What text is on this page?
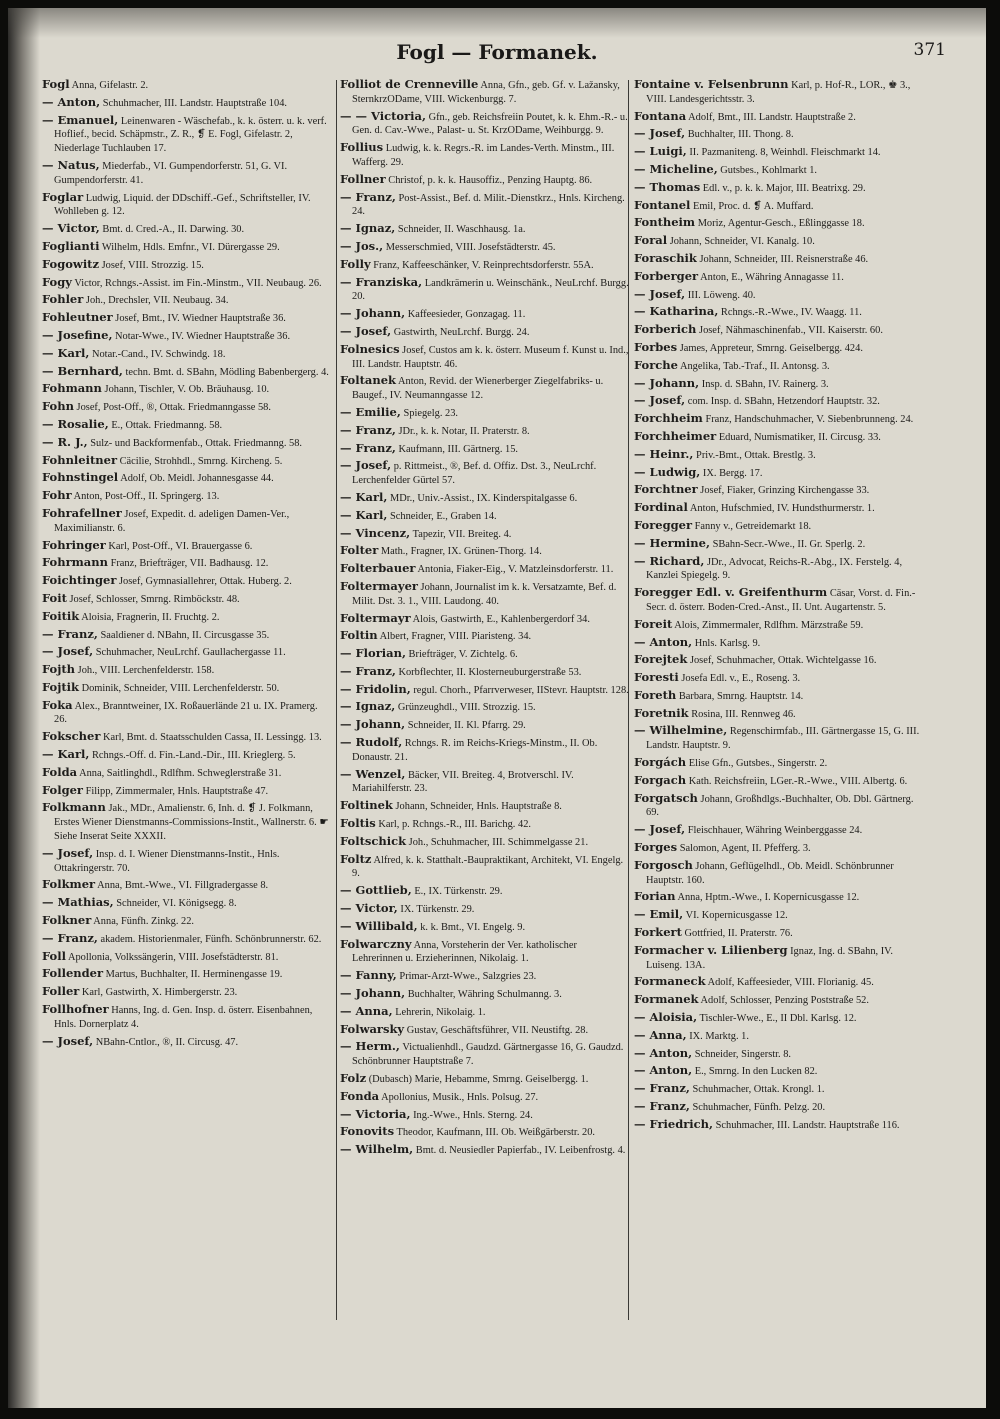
Fogl — Formanek.	371
Fogl Anna, Gifelastr. 2.
— Anton, Schuhmacher, III. Landstr. Hauptstraße 104.
— Emanuel, Leinenwaren - Wäschefab., k. k. österr. u. k. verf. Hoflief., becid. Schäpmstr., Z. R., ❡ E. Fogl, Gifelastr. 2, Niederlage Tuchlauben 17.
— Natus, Miederfab., VI. Gumpendorferstr. 51, G. VI. Gumpendorferstr. 41.
Foglar Ludwig, Liquid. der DDschiff.-Gef., Schriftsteller, IV. Wohlleben g. 12.
— Victor, Bmt. d. Cred.-A., II. Darwing. 30.
Foglianti Wilhelm, Hdls. Emfnr., VI. Dürergasse 29.
Fogowitz Josef, VIII. Strozzig. 15.
Fogy Victor, Rchngs.-Assist. im Fin.-Minstm., VII. Neubaug. 26.
Fohler Joh., Drechsler, VII. Neubaug. 34.
Fohleutner Josef, Bmt., IV. Wiedner Hauptstraße 36.
— Josefine, Notar-Wwe., IV. Wiedner Hauptstraße 36.
— Karl, Notar.-Cand., IV. Schwindg. 18.
— Bernhard, techn. Bmt. d. SBahn, Mödling Babenbergerg. 4.
Fohmann Johann, Tischler, V. Ob. Bräuhausg. 10.
Fohn Josef, Post-Off., ®, Ottak. Friedmanngasse 58.
— Rosalie, E., Ottak. Friedmanng. 58.
— R. J., Sulz- und Backformenfab., Ottak. Friedmanng. 58.
Fohnleitner Cäcilie, Strohhdl., Smrng. Kircheng. 5.
Fohnstingel Adolf, Ob. Meidl. Johannesgasse 44.
Fohr Anton, Post-Off., II. Springerg. 13.
Fohrafellner Josef, Expedit. d. adeligen Damen-Ver., Maximilianstr. 6.
Fohringer Karl, Post-Off., VI. Brauergasse 6.
Fohrmann Franz, Briefträger, VII. Badhausg. 12.
Foichtinger Josef, Gymnasiallehrer, Ottak. Huberg. 2.
Foit Josef, Schlosser, Smrng. Rimböckstr. 48.
Foitik Aloisia, Fragnerin, II. Fruchtg. 2.
— Franz, Saaldiener d. NBahn, II. Circusgasse 35.
— Josef, Schuhmacher, NeuLrchf. Gaullachergasse 11.
Fojth Joh., VIII. Lerchenfelderstr. 158.
Fojtik Dominik, Schneider, VIII. Lerchenfelderstr. 50.
Foka Alex., Branntweiner, IX. Roßauerlände 21 u. IX. Pramerg. 26.
Fokscher Karl, Bmt. d. Staatsschulden Cassa, II. Lessingg. 13.
— Karl, Rchngs.-Off. d. Fin.-Land.-Dir., III. Krieglerg. 5.
Folda Anna, Saitlinghdl., Rdlfhm. Schweglerstraße 31.
Folger Filipp, Zimmermaler, Hnls. Hauptstraße 47.
Folkmann Jak., MDr., Amalienstr. 6, Inh. d. ❡ J. Folkmann, Erstes Wiener Dienstmanns-Commissions-Instit., Wallnerstr. 6. ☛ Siehe Inserat Seite XXXII.
— Josef, Insp. d. I. Wiener Dienstmanns-Instit., Hnls. Ottakringerstr. 70.
Folkmer Anna, Bmt.-Wwe., VI. Fillgradergasse 8.
— Mathias, Schneider, VI. Königsegg. 8.
Folkner Anna, Fünfh. Zinkg. 22.
— Franz, akadem. Historienmaler, Fünfh. Schönbrunnerstr. 62.
Foll Apollonia, Volkssängerin, VIII. Josefstädterstr. 81.
Follender Martus, Buchhalter, II. Herminengasse 19.
Foller Karl, Gastwirth, X. Himbergerstr. 23.
Follhofner Hanns, Ing. d. Gen. Insp. d. österr. Eisenbahnen, Hnls. Dornerplatz 4.
— Josef, NBahn-Cntlor., ®, II. Circusg. 47.
Folliot de Crenneville Anna, Gfn., geb. Gf. v. Lažansky, SternkrzODame, VIII. Wickenburgg. 7.
— — Victoria, Gfn., geb. Reichsfreiin Poutet, k. k. Ehm.-R.- u. Gen. d. Cav.-Wwe., Palast- u. St. KrzODame, Weihburgg. 9.
Follius Ludwig, k. k. Regrs.-R. im Landes-Verth. Minstm., III. Wafferg. 29.
Follner Christof, p. k. k. Hausoffiz., Penzing Hauptg. 86.
— Franz, Post-Assist., Bef. d. Milit.-Dienstkrz., Hnls. Kircheng. 24.
— Ignaz, Schneider, II. Waschhausg. 1a.
— Jos., Messerschmied, VIII. Josefstädterstr. 45.
Folly Franz, Kaffeeschänker, V. Reinprechtsdorferstr. 55A.
— Franziska, Landkrämerin u. Weinschänk., NeuLrchf. Burgg. 20.
— Johann, Kaffeesieder, Gonzagag. 11.
— Josef, Gastwirth, NeuLrchf. Burgg. 24.
Folnesics Josef, Custos am k. k. österr. Museum f. Kunst u. Ind., III. Landstr. Hauptstr. 46.
Foltanek Anton, Revid. der Wienerberger Ziegelfabriks- u. Baugef., IV. Neumanngasse 12.
— Emilie, Spiegelg. 23.
— Franz, JDr., k. k. Notar, II. Praterstr. 8.
— Franz, Kaufmann, III. Gärtnerg. 15.
— Josef, p. Rittmeist., ®, Bef. d. Offiz. Dst. 3., NeuLrchf. Lerchenfelder Gürtel 57.
— Karl, MDr., Univ.-Assist., IX. Kinderspitalgasse 6.
— Karl, Schneider, E., Graben 14.
— Vincenz, Tapezir, VII. Breiteg. 4.
Folter Math., Fragner, IX. Grünen-Thorg. 14.
Folterbauer Antonia, Fiaker-Eig., V. Matzleinsdorferstr. 11.
Foltermayer Johann, Journalist im k. k. Versatzamte, Bef. d. Milit. Dst. 3. 1., VIII. Laudong. 40.
Foltermayr Alois, Gastwirth, E., Kahlenbergerdorf 34.
Foltin Albert, Fragner, VIII. Piaristeng. 34.
— Florian, Briefträger, V. Zichtelg. 6.
— Franz, Korbflechter, II. Klosterneuburgerstraße 53.
— Fridolin, regul. Chorh., Pfarrverweser, IIStevr. Hauptstr. 128.
— Ignaz, Grünzeughdl., VIII. Strozzig. 15.
— Johann, Schneider, II. Kl. Pfarrg. 29.
— Rudolf, Rchngs. R. im Reichs-Kriegs-Minstm., II. Ob. Donaustr. 21.
— Wenzel, Bäcker, VII. Breiteg. 4, Brotverschl. IV. Mariahilferstr. 23.
Foltinek Johann, Schneider, Hnls. Hauptstraße 8.
Foltis Karl, p. Rchngs.-R., III. Barichg. 42.
Foltschick Joh., Schuhmacher, III. Schimmelgasse 21.
Foltz Alfred, k. k. Statthalt.-Baupraktikant, Architekt, VI. Engelg. 9.
— Gottlieb, E., IX. Türkenstr. 29.
— Victor, IX. Türkenstr. 29.
— Willibald, k. k. Bmt., VI. Engelg. 9.
Folwarczny Anna, Vorsteherin der Ver. katholischer Lehrerinnen u. Erzieherinnen, Nikolaig. 1.
— Fanny, Primar-Arzt-Wwe., Salzgries 23.
— Johann, Buchhalter, Währing Schulmanng. 3.
— Anna, Lehrerin, Nikolaig. 1.
Folwarsky Gustav, Geschäftsführer, VII. Neustiftg. 28.
— Herm., Victualienhdl., Gaudzd. Gärtnergasse 16, G. Gaudzd. Schönbrunner Hauptstraße 7.
Folz (Dubasch) Marie, Hebamme, Smrng. Geiselbergg. 1.
Fonda Apollonius, Musik., Hnls. Polsug. 27.
— Victoria, Ing.-Wwe., Hnls. Sterng. 24.
Fonovits Theodor, Kaufmann, III. Ob. Weißgärberstr. 20.
— Wilhelm, Bmt. d. Neusiedler Papierfab., IV. Leibenfrostg. 4.
Fontaine v. Felsenbrunn Karl, p. Hof-R., LOR., ♚ 3., VIII. Landesgerichtsstr. 3.
Fontana Adolf, Bmt., III. Landstr. Hauptstraße 2.
— Josef, Buchhalter, III. Thong. 8.
— Luigi, II. Pazmaniteng. 8, Weinhdl. Fleischmarkt 14.
— Micheline, Gutsbes., Kohlmarkt 1.
— Thomas Edl. v., p. k. k. Major, III. Beatrixg. 29.
Fontanel Emil, Proc. d. ❡ A. Muffard.
Fontheim Moriz, Agentur-Gesch., Eßlinggasse 18.
Foral Johann, Schneider, VI. Kanalg. 10.
Foraschik Johann, Schneider, III. Reisnerstraße 46.
Forberger Anton, E., Währing Annagasse 11.
— Josef, III. Löweng. 40.
— Katharina, Rchngs.-R.-Wwe., IV. Waagg. 11.
Forberich Josef, Nähmaschinenfab., VII. Kaiserstr. 60.
Forbes James, Appreteur, Smrng. Geiselbergg. 424.
Forche Angelika, Tab.-Traf., II. Antonsg. 3.
— Johann, Insp. d. SBahn, IV. Rainerg. 3.
— Josef, com. Insp. d. SBahn, Hetzendorf Hauptstr. 32.
Forchheim Franz, Handschuhmacher, V. Siebenbrunneng. 24.
Forchheimer Eduard, Numismatiker, II. Circusg. 33.
— Heinr., Priv.-Bmt., Ottak. Brestlg. 3.
— Ludwig, IX. Bergg. 17.
Forchtner Josef, Fiaker, Grinzing Kirchengasse 33.
Fordinal Anton, Hufschmied, IV. Hundsthurmerstr. 1.
Foregger Fanny v., Getreidemarkt 18.
— Hermine, SBahn-Secr.-Wwe., II. Gr. Sperlg. 2.
— Richard, JDr., Advocat, Reichs-R.-Abg., IX. Ferstelg. 4, Kanzlei Spiegelg. 9.
Foregger Edl. v. Greifenthurm Cäsar, Vorst. d. Fin.-Secr. d. österr. Boden-Cred.-Anst., II. Unt. Augartenstr. 5.
Foreit Alois, Zimmermaler, Rdlfhm. Märzstraße 59.
— Anton, Hnls. Karlsg. 9.
Forejtek Josef, Schuhmacher, Ottak. Wichtelgasse 16.
Foresti Josefa Edl. v., E., Roseng. 3.
Foreth Barbara, Smrng. Hauptstr. 14.
Foretnik Rosina, III. Rennweg 46.
— Wilhelmine, Regenschirmfab., III. Gärtnergasse 15, G. III. Landstr. Hauptstr. 9.
Forgách Elise Gfn., Gutsbes., Singerstr. 2.
Forgach Kath. Reichsfreiin, LGer.-R.-Wwe., VIII. Albertg. 6.
Forgatsch Johann, Großhdlgs.-Buchhalter, Ob. Dbl. Gärtnerg. 69.
— Josef, Fleischhauer, Währing Weinberggasse 24.
Forges Salomon, Agent, II. Pfefferg. 3.
Forgosch Johann, Geflügelhdl., Ob. Meidl. Schönbrunner Hauptstr. 160.
Forian Anna, Hptm.-Wwe., I. Kopernicusgasse 12.
— Emil, VI. Kopernicusgasse 12.
Forkert Gottfried, II. Praterstr. 76.
Formacher v. Lilienberg Ignaz, Ing. d. SBahn, IV. Luiseng. 13A.
Formaneck Adolf, Kaffeesieder, VIII. Florianig. 45.
Formanek Adolf, Schlosser, Penzing Poststraße 52.
— Aloisia, Tischler-Wwe., E., II Dbl. Karlsg. 12.
— Anna, IX. Marktg. 1.
— Anton, Schneider, Singerstr. 8.
— Anton, E., Smrng. In den Lucken 82.
— Franz, Schuhmacher, Ottak. Krongl. 1.
— Franz, Schuhmacher, Fünfh. Pelzg. 20.
— Friedrich, Schuhmacher, III. Landstr. Hauptstraße 116.
